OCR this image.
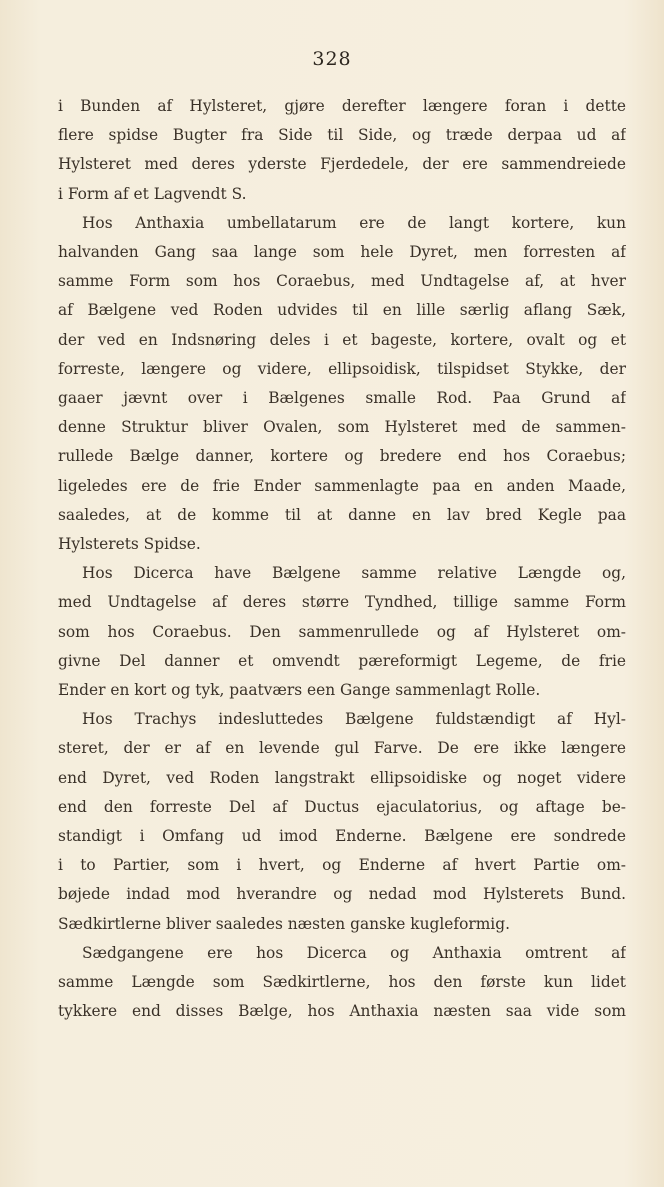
328
i Bunden af Hylsteret, gjøre derefter længere foran i dette
flere spidse Bugter fra Side til Side, og træde derpaa ud af
Hylsteret med deres yderste Fjerdedele, der ere sammendreiede
i Form af et Lagvendt S.
Hos Anthaxia umbellatarum ere de langt kortere, kun
halvanden Gang saa lange som hele Dyret, men forresten af
samme Form som hos Coraebus, med Undtagelse af, at hver
af Bælgene ved Roden udvides til en lille særlig aflang Sæk,
der ved en Indsnøring deles i et bageste, kortere, ovalt og et
forreste, længere og videre, ellipsoidisk, tilspidset Stykke, der
gaaer jævnt over i Bælgenes smalle Rod. Paa Grund af
denne Struktur bliver Ovalen, som Hylsteret med de sammen-
rullede Bælge danner, kortere og bredere end hos Coraebus;
ligeledes ere de frie Ender sammenlagte paa en anden Maade,
saaledes, at de komme til at danne en lav bred Kegle paa
Hylsterets Spidse.
Hos Dicerca have Bælgene samme relative Længde og,
med Undtagelse af deres større Tyndhed, tillige samme Form
som hos Coraebus. Den sammenrullede og af Hylsteret om-
givne Del danner et omvendt pæreformigt Legeme, de frie
Ender en kort og tyk, paatværs een Gange sammenlagt Rolle.
Hos Trachys indesluttedes Bælgene fuldstændigt af Hyl-
steret, der er af en levende gul Farve. De ere ikke længere
end Dyret, ved Roden langstrakt ellipsoidiske og noget videre
end den forreste Del af Ductus ejaculatorius, og aftage be-
standigt i Omfang ud imod Enderne. Bælgene ere sondrede
i to Partier, som i hvert, og Enderne af hvert Partie om-
bøjede indad mod hverandre og nedad mod Hylsterets Bund.
Sædkirtlerne bliver saaledes næsten ganske kugleformig.
Sædgangene ere hos Dicerca og Anthaxia omtrent af
samme Længde som Sædkirtlerne, hos den første kun lidet
tykkere end disses Bælge, hos Anthaxia næsten saa vide som
